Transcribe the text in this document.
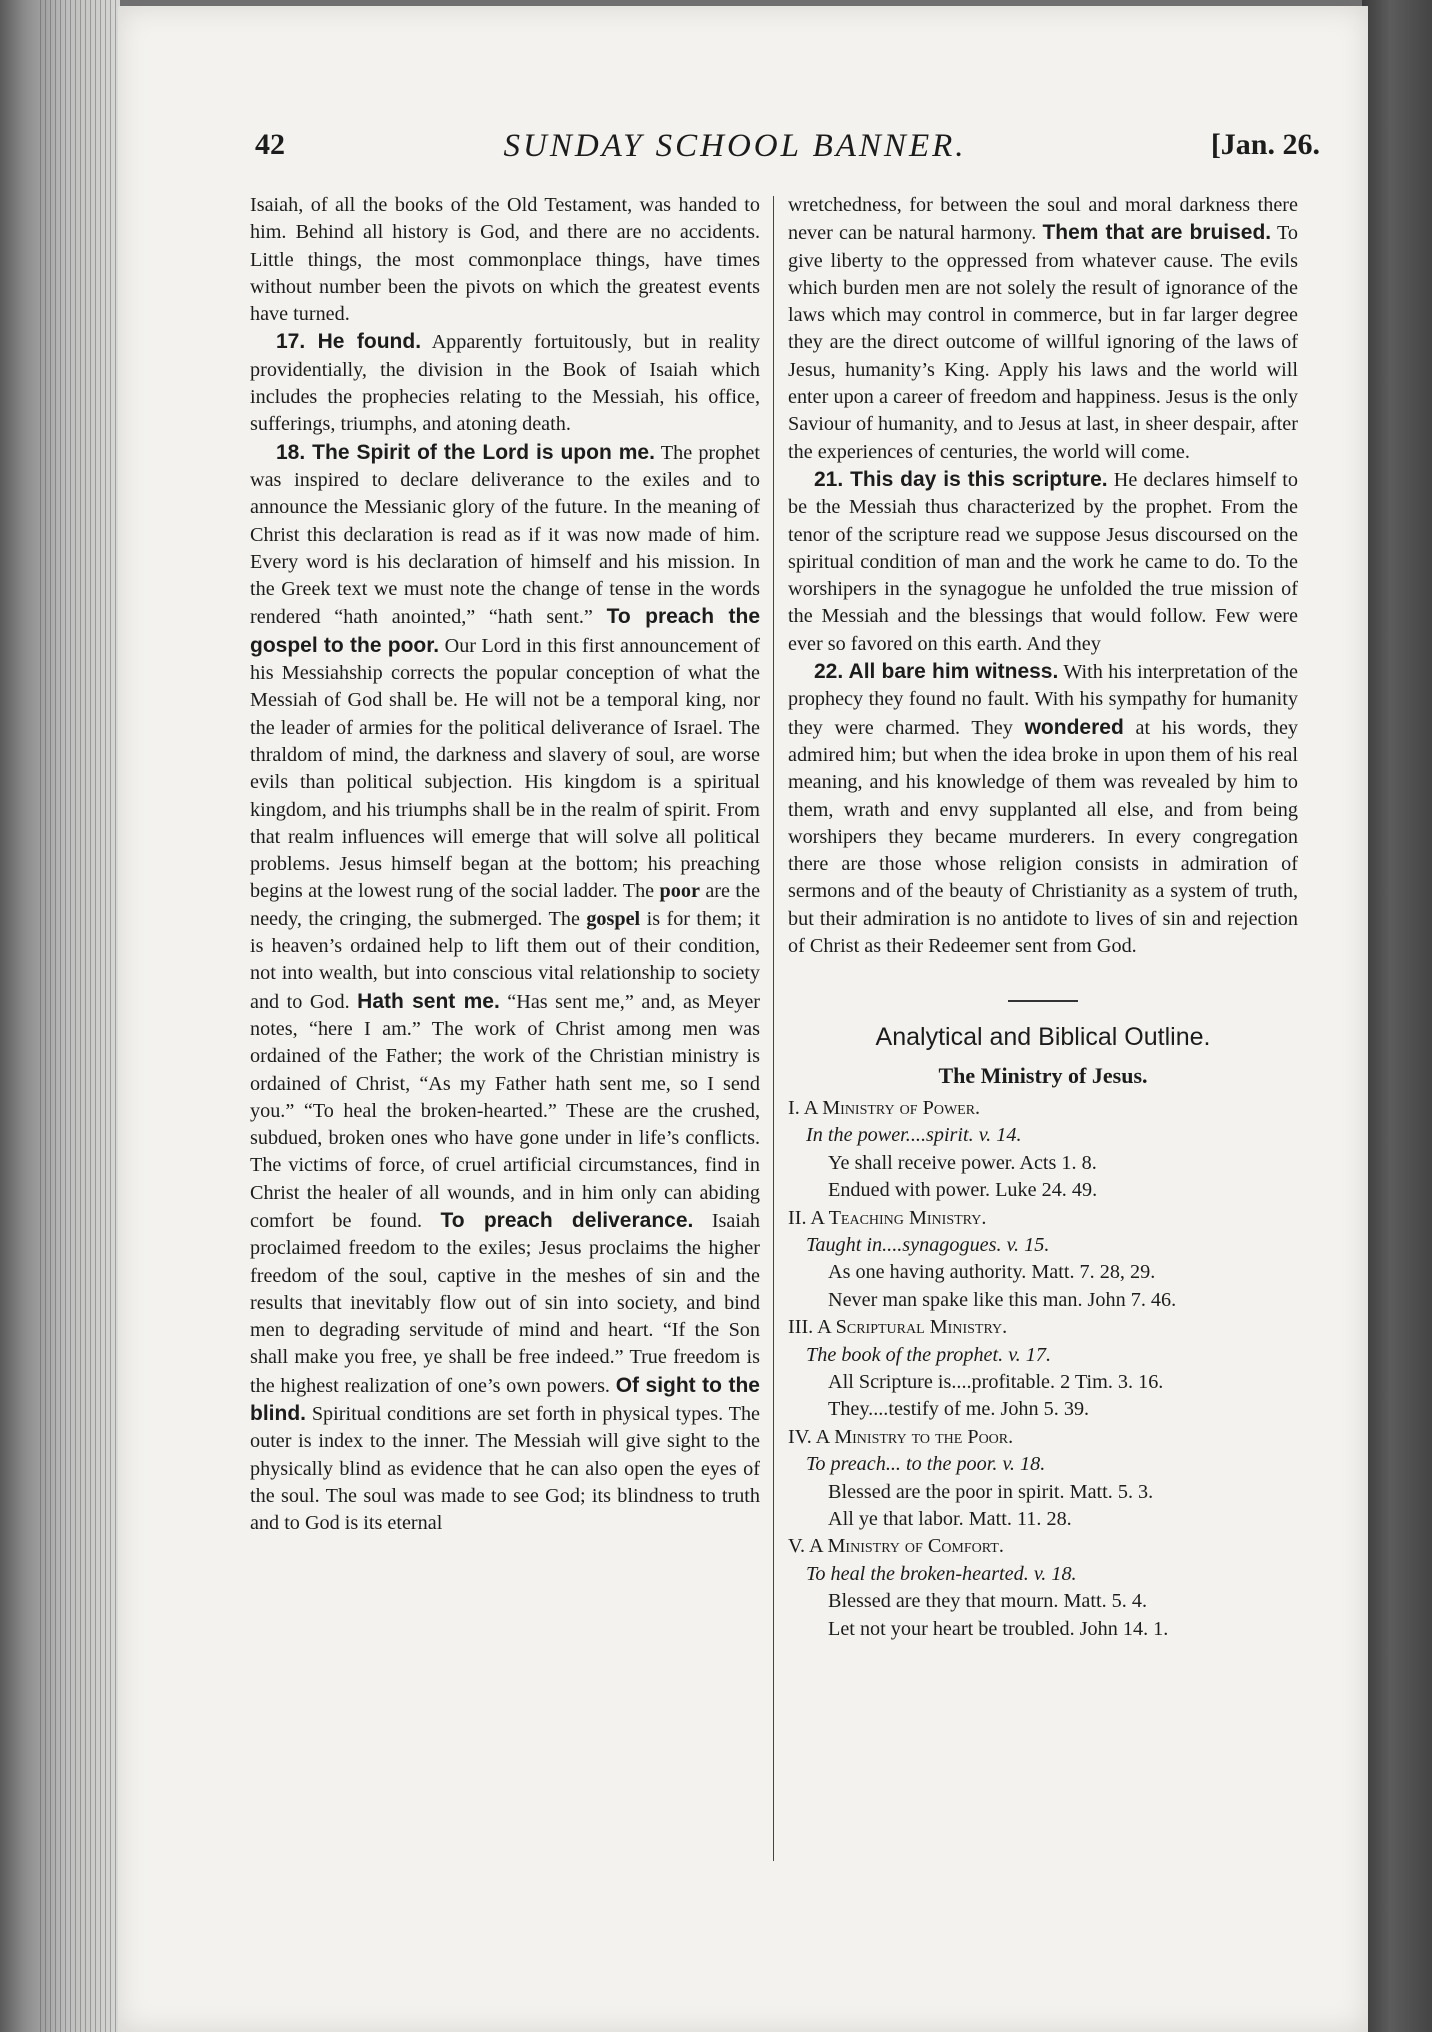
42	SUNDAY SCHOOL BANNER.	[Jan. 26.

Isaiah, of all the books of the Old Testament, was handed to him. Behind all history is God, and there are no accidents. Little things, the most commonplace things, have times without number been the pivots on which the greatest events have turned.

17. He found. Apparently fortuitously, but in reality providentially, the division in the Book of Isaiah which includes the prophecies relating to the Messiah, his office, sufferings, triumphs, and atoning death.

18. The Spirit of the Lord is upon me. The prophet was inspired to declare deliverance to the exiles and to announce the Messianic glory of the future. In the meaning of Christ this declaration is read as if it was now made of him. Every word is his declaration of himself and his mission. In the Greek text we must note the change of tense in the words rendered “hath anointed,” “hath sent.” To preach the gospel to the poor. Our Lord in this first announcement of his Messiahship corrects the popular conception of what the Messiah of God shall be. He will not be a temporal king, nor the leader of armies for the political deliverance of Israel. The thraldom of mind, the darkness and slavery of soul, are worse evils than political subjection. His kingdom is a spiritual kingdom, and his triumphs shall be in the realm of spirit. From that realm influences will emerge that will solve all political problems. Jesus himself began at the bottom; his preaching begins at the lowest rung of the social ladder. The poor are the needy, the cringing, the submerged. The gospel is for them; it is heaven’s ordained help to lift them out of their condition, not into wealth, but into conscious vital relationship to society and to God. Hath sent me. “Has sent me,” and, as Meyer notes, “here I am.” The work of Christ among men was ordained of the Father; the work of the Christian ministry is ordained of Christ, “As my Father hath sent me, so I send you.” “To heal the broken-hearted.” These are the crushed, subdued, broken ones who have gone under in life’s conflicts. The victims of force, of cruel artificial circumstances, find in Christ the healer of all wounds, and in him only can abiding comfort be found. To preach deliverance. Isaiah proclaimed freedom to the exiles; Jesus proclaims the higher freedom of the soul, captive in the meshes of sin and the results that inevitably flow out of sin into society, and bind men to degrading servitude of mind and heart. “If the Son shall make you free, ye shall be free indeed.” True freedom is the highest realization of one’s own powers. Of sight to the blind. Spiritual conditions are set forth in physical types. The outer is index to the inner. The Messiah will give sight to the physically blind as evidence that he can also open the eyes of the soul. The soul was made to see God; its blindness to truth and to God is its eternal

wretchedness, for between the soul and moral darkness there never can be natural harmony. Them that are bruised. To give liberty to the oppressed from whatever cause. The evils which burden men are not solely the result of ignorance of the laws which may control in commerce, but in far larger degree they are the direct outcome of willful ignoring of the laws of Jesus, humanity’s King. Apply his laws and the world will enter upon a career of freedom and happiness. Jesus is the only Saviour of humanity, and to Jesus at last, in sheer despair, after the experiences of centuries, the world will come.

21. This day is this scripture. He declares himself to be the Messiah thus characterized by the prophet. From the tenor of the scripture read we suppose Jesus discoursed on the spiritual condition of man and the work he came to do. To the worshipers in the synagogue he unfolded the true mission of the Messiah and the blessings that would follow. Few were ever so favored on this earth. And they

22. All bare him witness. With his interpretation of the prophecy they found no fault. With his sympathy for humanity they were charmed. They wondered at his words, they admired him; but when the idea broke in upon them of his real meaning, and his knowledge of them was revealed by him to them, wrath and envy supplanted all else, and from being worshipers they became murderers. In every congregation there are those whose religion consists in admiration of sermons and of the beauty of Christianity as a system of truth, but their admiration is no antidote to lives of sin and rejection of Christ as their Redeemer sent from God.

Analytical and Biblical Outline.
The Ministry of Jesus.
I. A Ministry of Power.
In the power....spirit. v. 14.
Ye shall receive power. Acts 1. 8.
Endued with power. Luke 24. 49.
II. A Teaching Ministry.
Taught in....synagogues. v. 15.
As one having authority. Matt. 7. 28, 29.
Never man spake like this man. John 7. 46.
III. A Scriptural Ministry.
The book of the prophet. v. 17.
All Scripture is....profitable. 2 Tim. 3. 16.
They....testify of me. John 5. 39.
IV. A Ministry to the Poor.
To preach... to the poor. v. 18.
Blessed are the poor in spirit. Matt. 5. 3.
All ye that labor. Matt. 11. 28.
V. A Ministry of Comfort.
To heal the broken-hearted. v. 18.
Blessed are they that mourn. Matt. 5. 4.
Let not your heart be troubled. John 14. 1.
